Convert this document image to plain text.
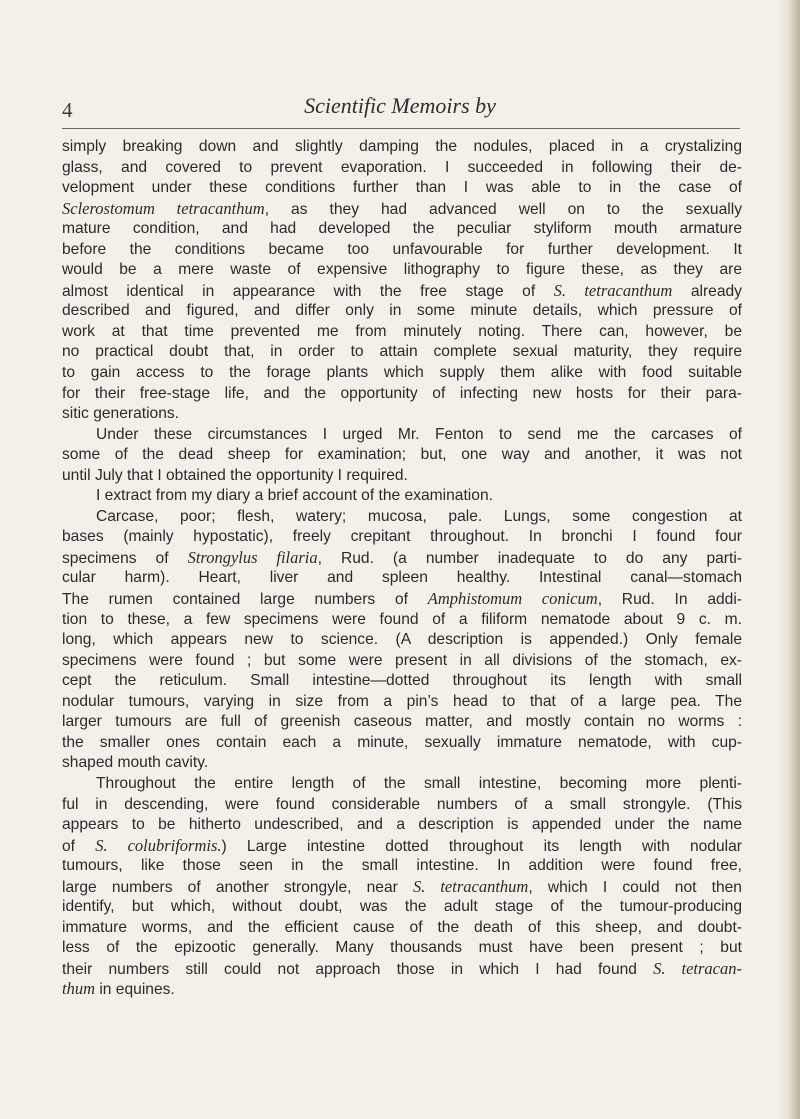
4	Scientific Memoirs by
simply breaking down and slightly damping the nodules, placed in a crystalizing
glass, and covered to prevent evaporation. I succeeded in following their de-
velopment under these conditions further than I was able to in the case of
Sclerostomum tetracanthum, as they had advanced well on to the sexually
mature condition, and had developed the peculiar styliform mouth armature
before the conditions became too unfavourable for further development. It
would be a mere waste of expensive lithography to figure these, as they are
almost identical in appearance with the free stage of S. tetracanthum already
described and figured, and differ only in some minute details, which pressure of
work at that time prevented me from minutely noting. There can, however, be
no practical doubt that, in order to attain complete sexual maturity, they require
to gain access to the forage plants which supply them alike with food suitable
for their free-stage life, and the opportunity of infecting new hosts for their para-
sitic generations.
Under these circumstances I urged Mr. Fenton to send me the carcases of
some of the dead sheep for examination; but, one way and another, it was not
until July that I obtained the opportunity I required.
I extract from my diary a brief account of the examination.
Carcase, poor; flesh, watery; mucosa, pale. Lungs, some congestion at
bases (mainly hypostatic), freely crepitant throughout. In bronchi I found four
specimens of Strongylus filaria, Rud. (a number inadequate to do any parti-
cular harm). Heart, liver and spleen healthy. Intestinal canal—stomach
The rumen contained large numbers of Amphistomum conicum, Rud. In addi-
tion to these, a few specimens were found of a filiform nematode about 9 c. m.
long, which appears new to science. (A description is appended.) Only female
specimens were found ; but some were present in all divisions of the stomach, ex-
cept the reticulum. Small intestine—dotted throughout its length with small
nodular tumours, varying in size from a pin’s head to that of a large pea. The
larger tumours are full of greenish caseous matter, and mostly contain no worms :
the smaller ones contain each a minute, sexually immature nematode, with cup-
shaped mouth cavity.
Throughout the entire length of the small intestine, becoming more plenti-
ful in descending, were found considerable numbers of a small strongyle. (This
appears to be hitherto undescribed, and a description is appended under the name
of S. colubriformis.) Large intestine dotted throughout its length with nodular
tumours, like those seen in the small intestine. In addition were found free,
large numbers of another strongyle, near S. tetracanthum, which I could not then
identify, but which, without doubt, was the adult stage of the tumour-producing
immature worms, and the efficient cause of the death of this sheep, and doubt-
less of the epizootic generally. Many thousands must have been present ; but
their numbers still could not approach those in which I had found S. tetracan-
thum in equines.
